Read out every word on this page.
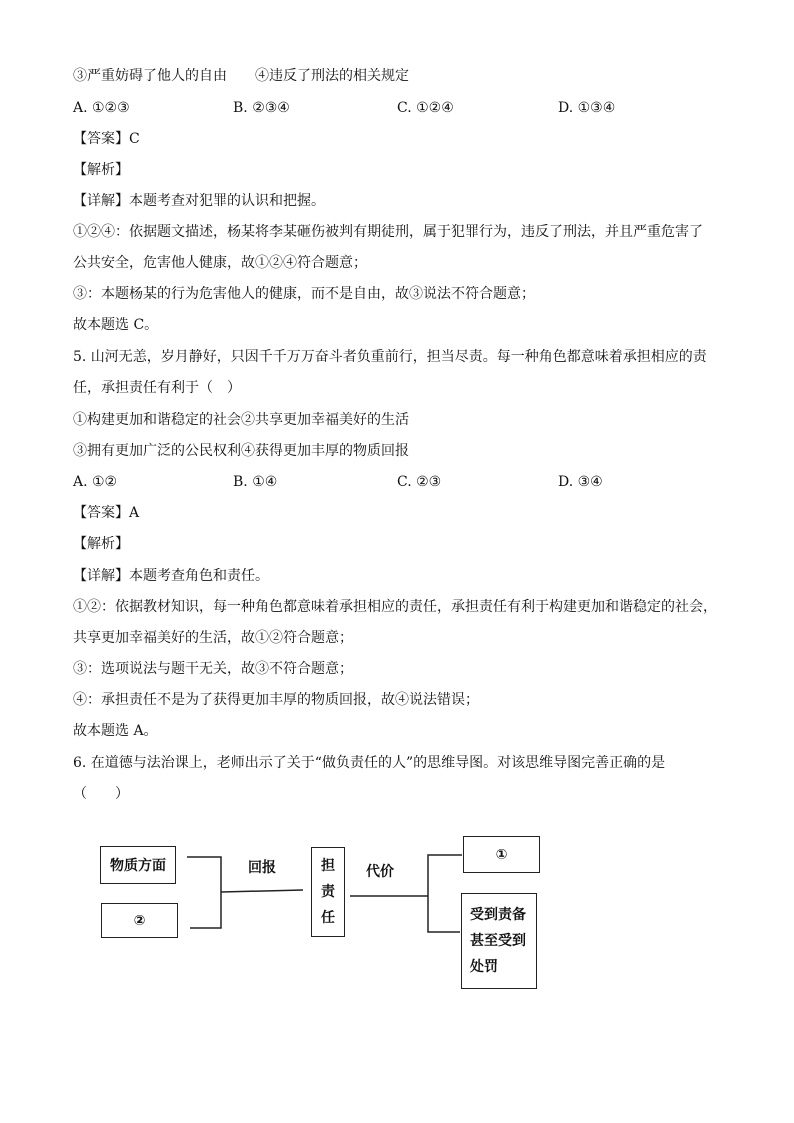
③严重妨碍了他人的自由　　④违反了刑法的相关规定
A. ①②③	B. ②③④	C. ①②④	D. ①③④
【答案】C
【解析】
【详解】本题考查对犯罪的认识和把握。
①②④：依据题文描述，杨某将李某砸伤被判有期徒刑，属于犯罪行为，违反了刑法，并且严重危害了
公共安全，危害他人健康，故①②④符合题意；
③：本题杨某的行为危害他人的健康，而不是自由，故③说法不符合题意；
故本题选 C。
5. 山河无恙，岁月静好，只因千千万万奋斗者负重前行，担当尽责。每一种角色都意味着承担相应的责
任，承担责任有利于（　）
①构建更加和谐稳定的社会②共享更加幸福美好的生活
③拥有更加广泛的公民权利④获得更加丰厚的物质回报
A. ①②	B. ①④	C. ②③	D. ③④
【答案】A
【解析】
【详解】本题考查角色和责任。
①②：依据教材知识，每一种角色都意味着承担相应的责任，承担责任有利于构建更加和谐稳定的社会，
共享更加幸福美好的生活，故①②符合题意；
③：选项说法与题干无关，故③不符合题意；
④：承担责任不是为了获得更加丰厚的物质回报，故④说法错误；
故本题选 A。
6. 在道德与法治课上，老师出示了关于“做负责任的人”的思维导图。对该思维导图完善正确的是
（　　）
物质方面
②
回报	担
责
任
代价
①
受到责备
甚至受到
处罚
